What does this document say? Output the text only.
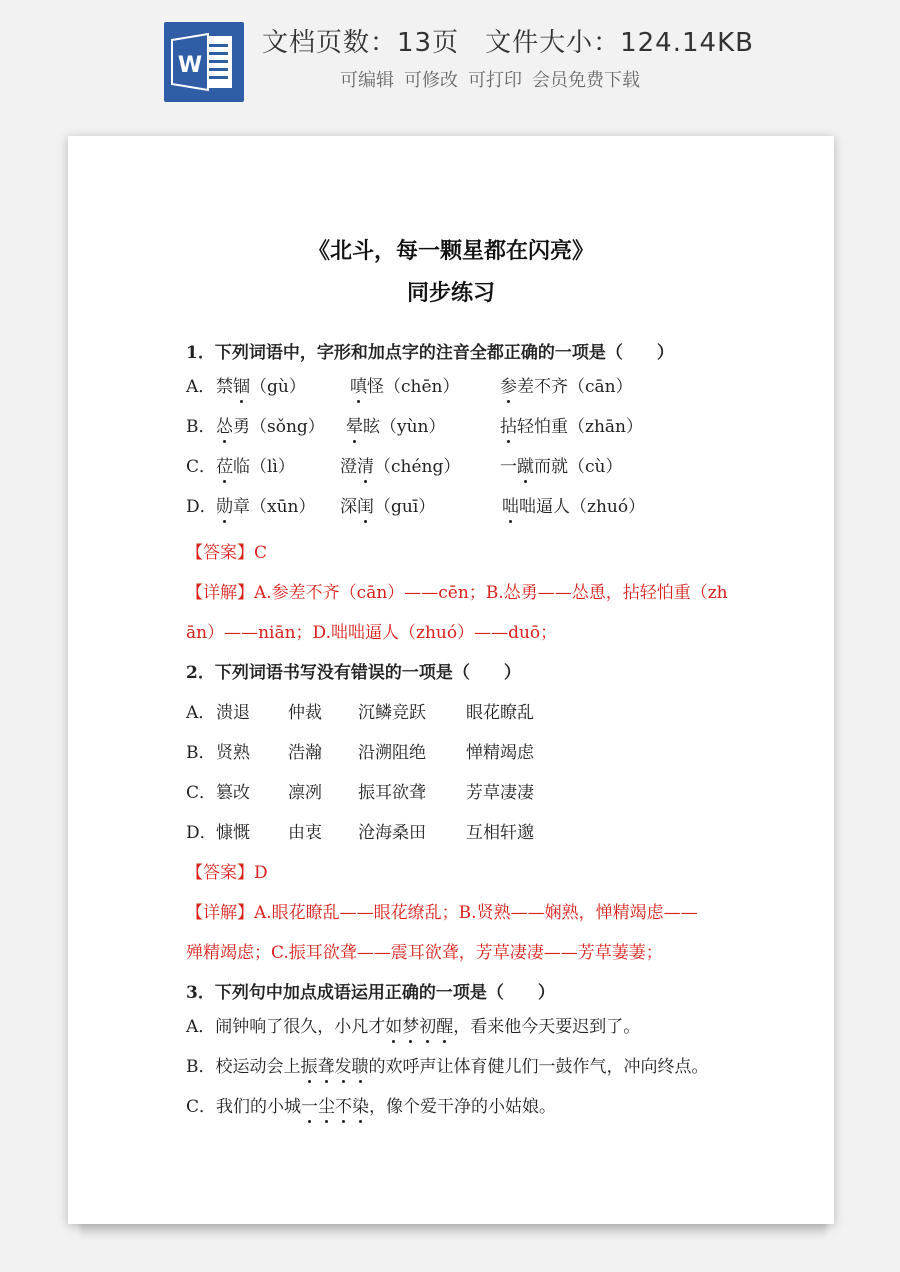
W
文档页数：13页 文件大小：124.14KB
可编辑 可修改 可打印 会员免费下载
《北斗，每一颗星都在闪亮》
同步练习
1．下列词语中，字形和加点字的注音全都正确的一项是（　　）
A． 禁锢（gù）	嗔怪（chēn） 参差不齐（cān）
B． 怂勇（sǒng） 晕眩（yùn）	拈轻怕重（zhān）
C． 莅临（lì）	澄清（chéng） 一蹴而就（cù）
D． 勋章（xūn） 深闺（guī）	咄咄逼人（zhuó）
【答案】C
【详解】A.参差不齐（cān）——cēn；B.怂勇——怂恿，拈轻怕重（zh
ān）——niān；D.咄咄逼人（zhuó）——duō；
2．下列词语书写没有错误的一项是（　　）
A． 溃退 仲裁 沉鳞竞跃 眼花瞭乱
B． 贤熟 浩瀚 沿溯阻绝 惮精竭虑
C． 篡改 凛冽 振耳欲聋 芳草凄凄
D． 慷慨 由衷 沧海桑田 互相轩邈
【答案】D
【详解】A.眼花瞭乱——眼花缭乱；B.贤熟——娴熟，惮精竭虑——
殚精竭虑；C.振耳欲聋——震耳欲聋，芳草凄凄——芳草萋萋；
3．下列句中加点成语运用正确的一项是（　　）
A．闹钟响了很久，小凡才如梦初醒，看来他今天要迟到了。
B．校运动会上振聋发聩的欢呼声让体育健儿们一鼓作气，冲向终点。
C．我们的小城一尘不染，像个爱干净的小姑娘。
